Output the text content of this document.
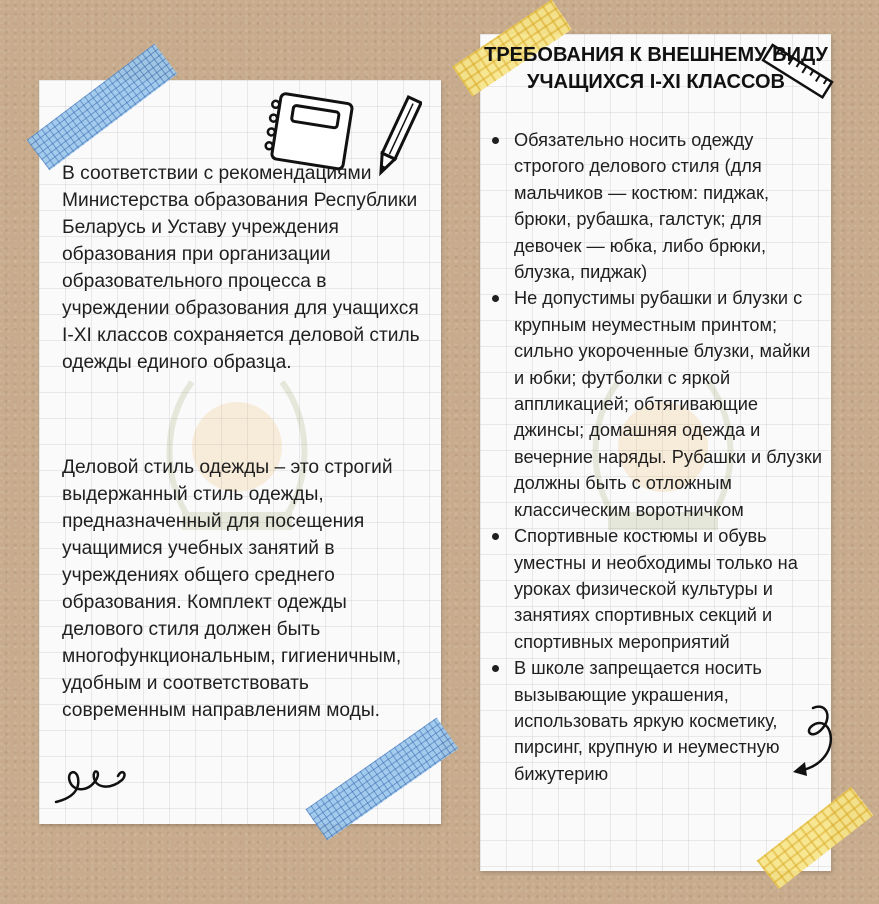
В соответствии с рекомендациями Министерства образования Республики Беларусь и Уставу учреждения образования при организации образовательного процесса в учреждении образования для учащихся I-XI классов сохраняется деловой стиль одежды единого образца.

Деловой стиль одежды – это строгий выдержанный стиль одежды, предназначенный для посещения учащимися учебных занятий в учреждениях общего среднего образования. Комплект одежды делового стиля должен быть многофункциональным, гигиеничным, удобным и соответствовать современным направлениям моды.

ТРЕБОВАНИЯ К ВНЕШНЕМУ ВИДУ УЧАЩИХСЯ I-XI КЛАССОВ
Обязательно носить одежду строгого делового стиля (для мальчиков — костюм: пиджак, брюки, рубашка, галстук; для девочек — юбка, либо брюки, блузка, пиджак)
Не допустимы рубашки и блузки с крупным неуместным принтом; сильно укороченные блузки, майки и юбки; футболки с яркой аппликацией; обтягивающие джинсы; домашняя одежда и вечерние наряды. Рубашки и блузки должны быть с отложным классическим воротничком
Спортивные костюмы и обувь уместны и необходимы только на уроках физической культуры и занятиях спортивных секций и спортивных мероприятий
В школе запрещается носить вызывающие украшения, использовать яркую косметику, пирсинг, крупную и неуместную бижутерию
